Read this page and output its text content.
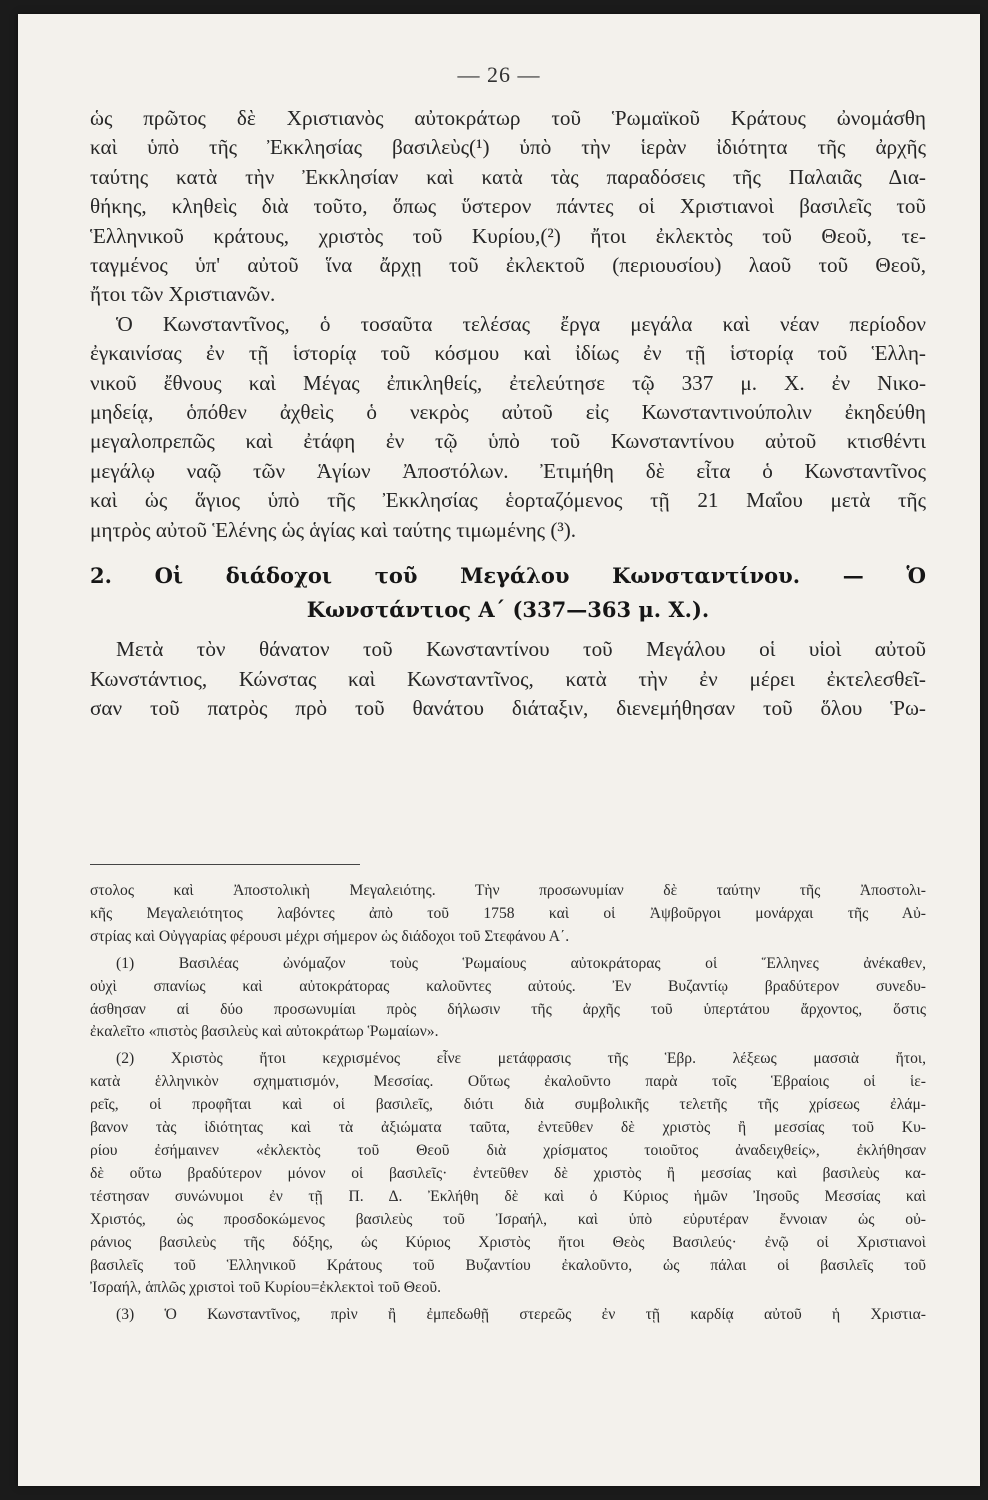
— 26 —
ὡς πρῶτος δὲ Χριστιανὸς αὐτοκράτωρ τοῦ Ῥωμαϊκοῦ Κράτους ὠνομάσθη
καὶ ὑπὸ τῆς Ἐκκλησίας βασιλεὺς(¹) ὑπὸ τὴν ἱερὰν ἰδιότητα τῆς ἀρχῆς
ταύτης κατὰ τὴν Ἐκκλησίαν καὶ κατὰ τὰς παραδόσεις τῆς Παλαιᾶς Δια-
θήκης, κληθεὶς διὰ τοῦτο, ὅπως ὕστερον πάντες οἱ Χριστιανοὶ βασιλεῖς τοῦ
Ἑλληνικοῦ κράτους, χριστὸς τοῦ Κυρίου,(²) ἤτοι ἐκλεκτὸς τοῦ Θεοῦ, τε-
ταγμένος ὑπ' αὐτοῦ ἵνα ἄρχῃ τοῦ ἐκλεκτοῦ (περιουσίου) λαοῦ τοῦ Θεοῦ,
ἤτοι τῶν Χριστιανῶν.
Ὁ Κωνσταντῖνος, ὁ τοσαῦτα τελέσας ἔργα μεγάλα καὶ νέαν περίοδον
ἐγκαινίσας ἐν τῇ ἱστορίᾳ τοῦ κόσμου καὶ ἰδίως ἐν τῇ ἱστορίᾳ τοῦ Ἑλλη-
νικοῦ ἔθνους καὶ Μέγας ἐπικληθείς, ἐτελεύτησε τῷ 337 μ. Χ. ἐν Νικο-
μηδείᾳ, ὁπόθεν ἀχθεὶς ὁ νεκρὸς αὐτοῦ εἰς Κωνσταντινούπολιν ἐκηδεύθη
μεγαλοπρεπῶς καὶ ἐτάφη ἐν τῷ ὑπὸ τοῦ Κωνσταντίνου αὐτοῦ κτισθέντι
μεγάλῳ ναῷ τῶν Ἁγίων Ἀποστόλων. Ἐτιμήθη δὲ εἶτα ὁ Κωνσταντῖνος
καὶ ὡς ἅγιος ὑπὸ τῆς Ἐκκλησίας ἑορταζόμενος τῇ 21 Μαΐου μετὰ τῆς
μητρὸς αὐτοῦ Ἑλένης ὡς ἁγίας καὶ ταύτης τιμωμένης (³).
2. Οἱ διάδοχοι τοῦ Μεγάλου Κωνσταντίνου. — Ὁ
Κωνστάντιος Α΄ (337—363 μ. Χ.).
Μετὰ τὸν θάνατον τοῦ Κωνσταντίνου τοῦ Μεγάλου οἱ υἱοὶ αὐτοῦ
Κωνστάντιος, Κώνστας καὶ Κωνσταντῖνος, κατὰ τὴν ἐν μέρει ἐκτελεσθεῖ-
σαν τοῦ πατρὸς πρὸ τοῦ θανάτου διάταξιν, διενεμήθησαν τοῦ ὅλου Ῥω-
στολος καὶ Ἀποστολικὴ Μεγαλειότης. Τὴν προσωνυμίαν δὲ ταύτην τῆς Ἀποστολι-
κῆς Μεγαλειότητος λαβόντες ἀπὸ τοῦ 1758 καὶ οἱ Ἀψβοῦργοι μονάρχαι τῆς Αὐ-
στρίας καὶ Οὐγγαρίας φέρουσι μέχρι σήμερον ὡς διάδοχοι τοῦ Στεφάνου Α΄.
(1) Βασιλέας ὠνόμαζον τοὺς Ῥωμαίους αὐτοκράτορας οἱ Ἕλληνες ἀνέκαθεν,
οὐχὶ σπανίως καὶ αὐτοκράτορας καλοῦντες αὐτούς. Ἐν Βυζαντίῳ βραδύτερον συνεδυ-
άσθησαν αἱ δύο προσωνυμίαι πρὸς δήλωσιν τῆς ἀρχῆς τοῦ ὑπερτάτου ἄρχοντος, ὅστις
ἐκαλεῖτο «πιστὸς βασιλεὺς καὶ αὐτοκράτωρ Ῥωμαίων».
(2) Χριστὸς ἤτοι κεχρισμένος εἶνε μετάφρασις τῆς Ἑβρ. λέξεως μασσιὰ ἤτοι,
κατὰ ἑλληνικὸν σχηματισμόν, Μεσσίας. Οὕτως ἐκαλοῦντο παρὰ τοῖς Ἑβραίοις οἱ ἱε-
ρεῖς, οἱ προφῆται καὶ οἱ βασιλεῖς, διότι διὰ συμβολικῆς τελετῆς τῆς χρίσεως ἐλάμ-
βανον τὰς ἰδιότητας καὶ τὰ ἀξιώματα ταῦτα, ἐντεῦθεν δὲ χριστὸς ἢ μεσσίας τοῦ Κυ-
ρίου ἐσήμαινεν «ἐκλεκτὸς τοῦ Θεοῦ διὰ χρίσματος τοιοῦτος ἀναδειχθείς», ἐκλήθησαν
δὲ οὕτω βραδύτερον μόνον οἱ βασιλεῖς· ἐντεῦθεν δὲ χριστὸς ἢ μεσσίας καὶ βασιλεὺς κα-
τέστησαν συνώνυμοι ἐν τῇ Π. Δ. Ἐκλήθη δὲ καὶ ὁ Κύριος ἡμῶν Ἰησοῦς Μεσσίας καὶ
Χριστός, ὡς προσδοκώμενος βασιλεὺς τοῦ Ἰσραήλ, καὶ ὑπὸ εὐρυτέραν ἔννοιαν ὡς οὐ-
ράνιος βασιλεὺς τῆς δόξης, ὡς Κύριος Χριστὸς ἤτοι Θεὸς Βασιλεύς· ἐνῷ οἱ Χριστιανοὶ
βασιλεῖς τοῦ Ἑλληνικοῦ Κράτους τοῦ Βυζαντίου ἐκαλοῦντο, ὡς πάλαι οἱ βασιλεῖς τοῦ
Ἰσραήλ, ἁπλῶς χριστοὶ τοῦ Κυρίου=ἐκλεκτοὶ τοῦ Θεοῦ.
(3) Ὁ Κωνσταντῖνος, πρὶν ἢ ἐμπεδωθῇ στερεῶς ἐν τῇ καρδίᾳ αὐτοῦ ἡ Χριστια-
